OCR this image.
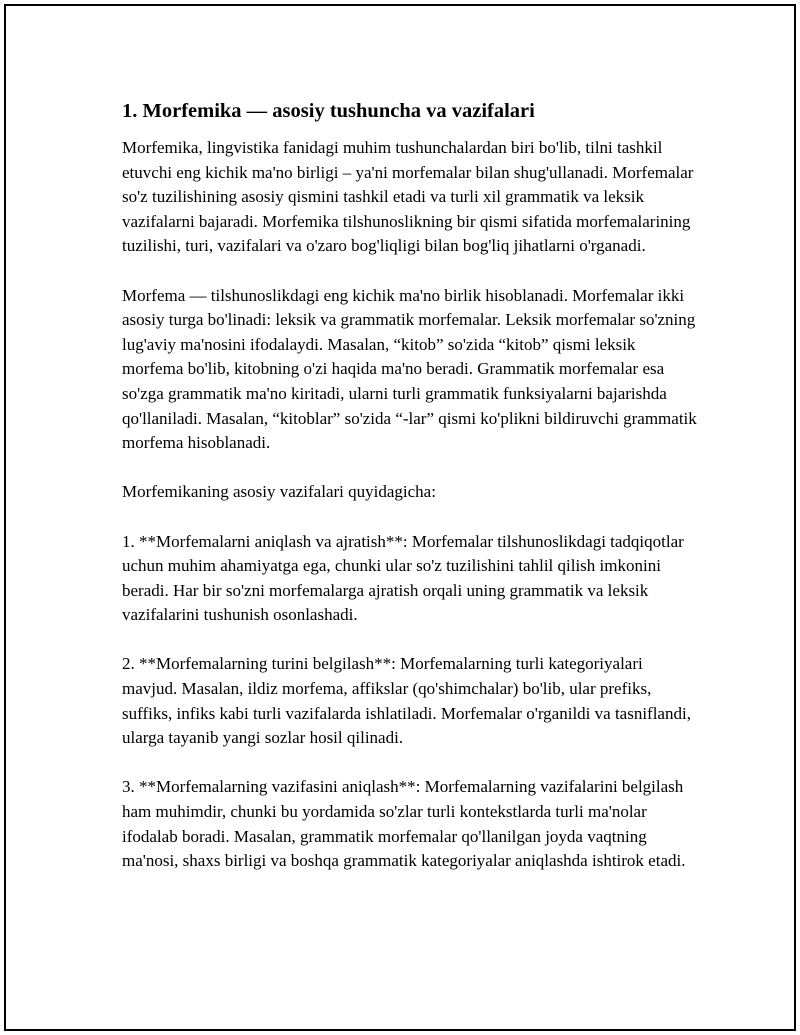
1. Morfemika — asosiy tushuncha va vazifalari

Morfemika, lingvistika fanidagi muhim tushunchalardan biri bo'lib, tilni tashkil etuvchi eng kichik ma'no birligi – ya'ni morfemalar bilan shug'ullanadi. Morfemalar so'z tuzilishining asosiy qismini tashkil etadi va turli xil grammatik va leksik vazifalarni bajaradi. Morfemika tilshunoslikning bir qismi sifatida morfemalarining tuzilishi, turi, vazifalari va o'zaro bog'liqligi bilan bog'liq jihatlarni o'rganadi.

Morfema — tilshunoslikdagi eng kichik ma'no birlik hisoblanadi. Morfemalar ikki asosiy turga bo'linadi: leksik va grammatik morfemalar. Leksik morfemalar so'zning lug'aviy ma'nosini ifodalaydi. Masalan, “kitob” so'zida “kitob” qismi leksik morfema bo'lib, kitobning o'zi haqida ma'no beradi. Grammatik morfemalar esa so'zga grammatik ma'no kiritadi, ularni turli grammatik funksiyalarni bajarishda qo'llaniladi. Masalan, “kitoblar” so'zida “-lar” qismi ko'plikni bildiruvchi grammatik morfema hisoblanadi.

Morfemikaning asosiy vazifalari quyidagicha:

1. **Morfemalarni aniqlash va ajratish**: Morfemalar tilshunoslikdagi tadqiqotlar uchun muhim ahamiyatga ega, chunki ular so'z tuzilishini tahlil qilish imkonini beradi. Har bir so'zni morfemalarga ajratish orqali uning grammatik va leksik vazifalarini tushunish osonlashadi.

2. **Morfemalarning turini belgilash**: Morfemalarning turli kategoriyalari mavjud. Masalan, ildiz morfema, affikslar (qo'shimchalar) bo'lib, ular prefiks, suffiks, infiks kabi turli vazifalarda ishlatiladi. Morfemalar o'rganildi va tasniflandi, ularga tayanib yangi sozlar hosil qilinadi.

3. **Morfemalarning vazifasini aniqlash**: Morfemalarning vazifalarini belgilash ham muhimdir, chunki bu yordamida so'zlar turli kontekstlarda turli ma'nolar ifodalab boradi. Masalan, grammatik morfemalar qo'llanilgan joyda vaqtning ma'nosi, shaxs birligi va boshqa grammatik kategoriyalar aniqlashda ishtirok etadi.
